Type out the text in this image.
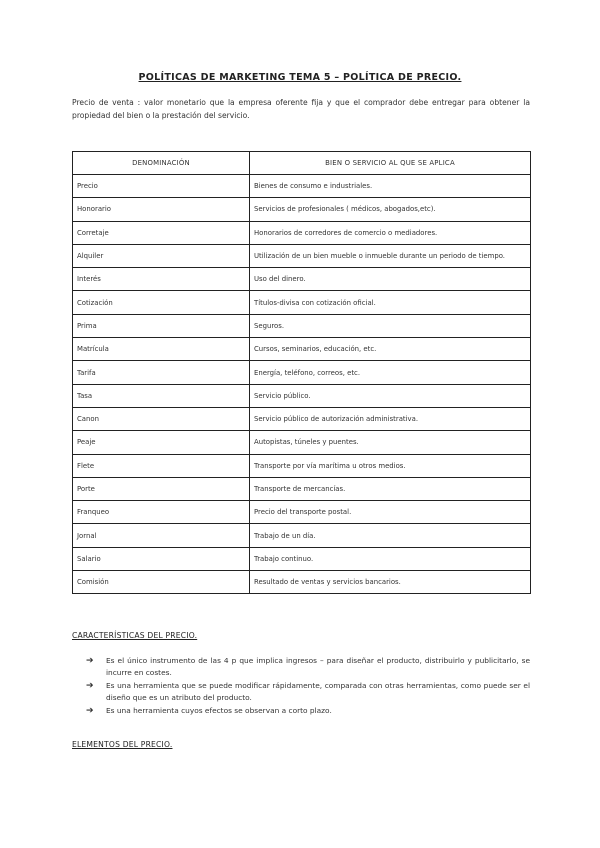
POLÍTICAS DE MARKETING TEMA 5 – POLÍTICA DE PRECIO.
Precio de venta : valor monetario que la empresa oferente fija y que el comprador debe entregar para obtener la propiedad del bien o la prestación del servicio.
DENOMINACIÓN	BIEN O SERVICIO AL QUE SE APLICA
Precio	Bienes de consumo e industriales.
Honorario	Servicios de profesionales ( médicos, abogados,etc).
Corretaje	Honorarios de corredores de comercio o mediadores.
Alquiler	Utilización de un bien mueble o inmueble durante un periodo de tiempo.
Interés	Uso del dinero.
Cotización	Títulos-divisa con cotización oficial.
Prima	Seguros.
Matrícula	Cursos, seminarios, educación, etc.
Tarifa	Energía, teléfono, correos, etc.
Tasa	Servicio público.
Canon	Servicio público de autorización administrativa.
Peaje	Autopistas, túneles y puentes.
Flete	Transporte por vía marítima u otros medios.
Porte	Transporte de mercancías.
Franqueo	Precio del transporte postal.
Jornal	Trabajo de un día.
Salario	Trabajo continuo.
Comisión	Resultado de ventas y servicios bancarios.
CARACTERÍSTICAS DEL PRECIO.
➔ Es el único instrumento de las 4 p que implica ingresos – para diseñar el producto, distribuirlo y publicitarlo, se incurre en costes.
➔ Es una herramienta que se puede modificar rápidamente, comparada con otras herramientas, como puede ser el diseño que es un atributo del producto.
➔ Es una herramienta cuyos efectos se observan a corto plazo.
ELEMENTOS DEL PRECIO.
